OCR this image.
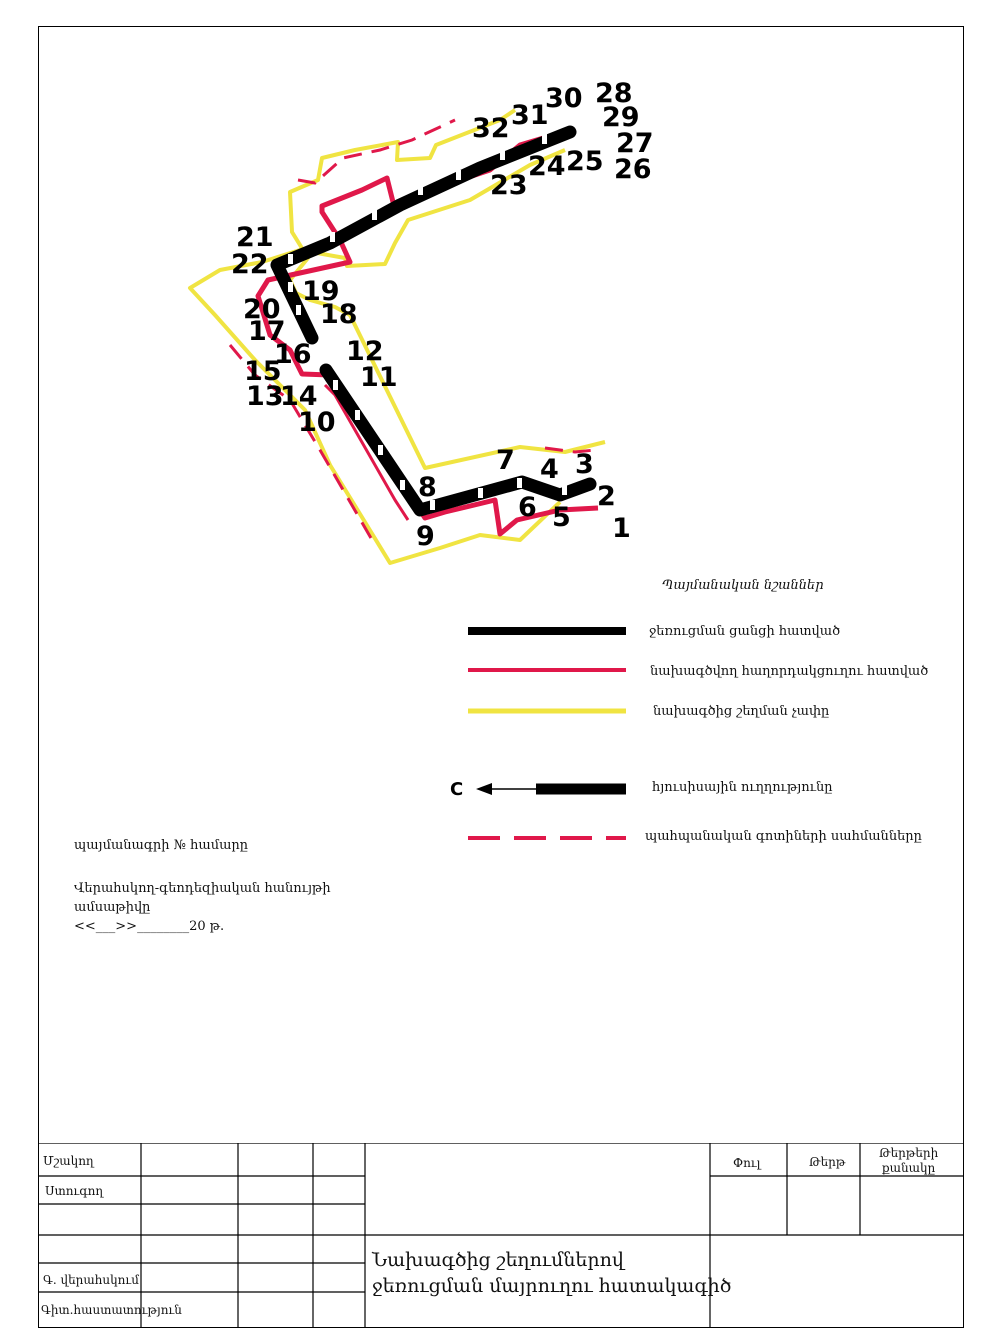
1
2
3
4
5
6
7
8
9
10
11
12
13
14
15
16
17
18
19
20
21
22
23
24 25 26
27
28
29
30
31
32
Պայմանական նշաններ
C
ջեռուցման ցանցի հատված
նախագծվող հաղորդակցուղու հատված
նախագծից շեղման չափը
հյուսիսային ուղղությունը
պահպանական գոտիների սահմանները
պայմանագրի № համարը
Վերահսկող-գեոդեզիական հանույթի
ամսաթիվը
<<___>>________20 թ.
Մշակող
Ստուգող
Գ. վերահսկում
Գիտ.հաստատություն
Փուլ	Թերթ
Թերթերի
քանակը
Նախագծից շեղումներով
ջեռուցման մայրուղու հատակագիծ
